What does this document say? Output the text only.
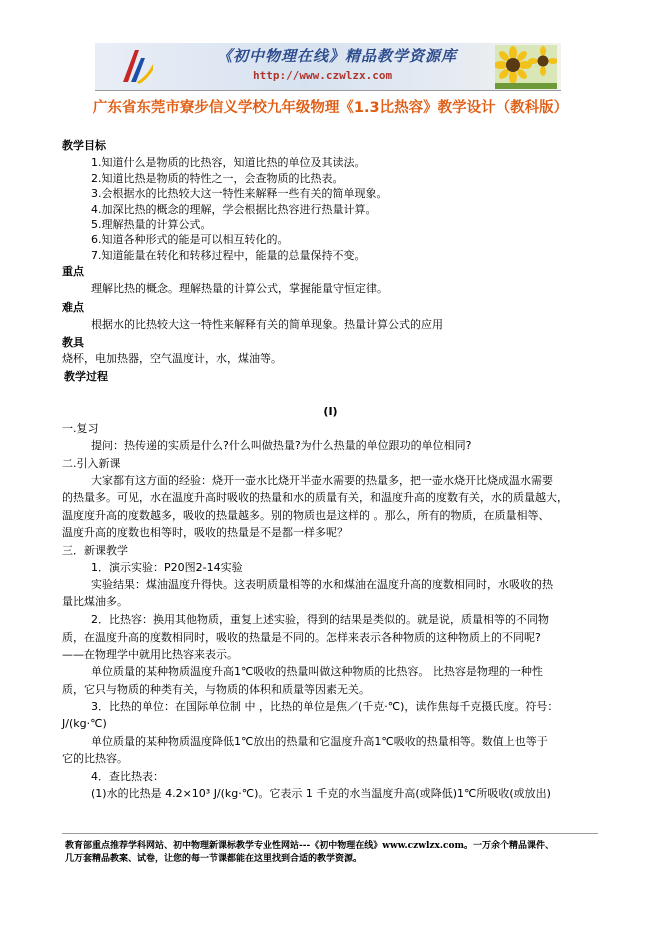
《初中物理在线》精品教学资源库
http://www.czwlzx.com
广东省东莞市寮步信义学校九年级物理《1.3比热容》教学设计（教科版）
教学目标
1.知道什么是物质的比热容，知道比热的单位及其读法。
2.知道比热是物质的特性之一，会查物质的比热表。
3.会根据水的比热较大这一特性来解释一些有关的简单现象。
4.加深比热的概念的理解，学会根据比热容进行热量计算。
5.理解热量的计算公式。
6.知道各种形式的能是可以相互转化的。
7.知道能量在转化和转移过程中，能量的总量保持不变。
重点
理解比热的概念。理解热量的计算公式，掌握能量守恒定律。
难点
根据水的比热较大这一特性来解释有关的简单现象。热量计算公式的应用
教具
烧杯，电加热器，空气温度计，水，煤油等。
教学过程
(I)
一.复习
提问：热传递的实质是什么?什么叫做热量?为什么热量的单位跟功的单位相同?
二.引入新课
大家都有这方面的经验：烧开一壶水比烧开半壶水需要的热量多，把一壶水烧开比烧成温水需要
的热量多。可见，水在温度升高时吸收的热量和水的质量有关，和温度升高的度数有关，水的质量越大，
温度度升高的度数越多，吸收的热量越多。别的物质也是这样的 。那么，所有的物质，在质量相等、
温度升高的度数也相等时，吸收的热量是不是都一样多呢？
三．新课教学
1．演示实验：P20图2-14实验
实验结果：煤油温度升得快。这表明质量相等的水和煤油在温度升高的度数相同时，水吸收的热
量比煤油多。
2．比热容：换用其他物质，重复上述实验，得到的结果是类似的。就是说，质量相等的不同物
质，在温度升高的度数相同时，吸收的热量是不同的。怎样来表示各种物质的这种物质上的不同呢?
——在物理学中就用比热容来表示。
单位质量的某种物质温度升高1℃吸收的热量叫做这种物质的比热容。 比热容是物理的一种性
质，它只与物质的种类有关，与物质的体积和质量等因素无关。
3．比热的单位：在国际单位制 中 ，比热的单位是焦／(千克·℃)，读作焦每千克摄氏度。符号：
J/(kg·℃)
单位质量的某种物质温度降低1℃放出的热量和它温度升高1℃吸收的热量相等。数值上也等于
它的比热容。
4．查比热表：
(1)水的比热是 4.2×10³ J/(kg·℃)。它表示 1 千克的水当温度升高(或降低)1℃所吸收(或放出)
教育部重点推荐学科网站、初中物理新课标教学专业性网站---《初中物理在线》www.czwlzx.com。一万余个精品课件、
几万套精品教案、试卷，让您的每一节课都能在这里找到合适的教学资源。
